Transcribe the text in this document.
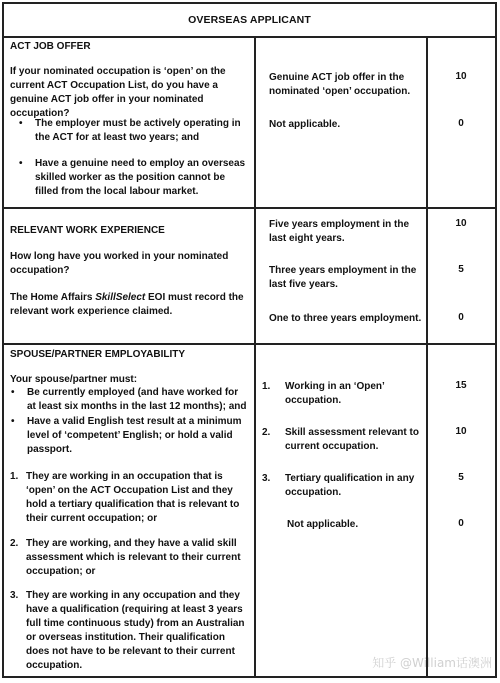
OVERSEAS APPLICANT
ACT JOB OFFER
If your nominated occupation is ‘open’ on the current ACT Occupation List, do you have a genuine ACT job offer in your nominated occupation?
• The employer must be actively operating in the ACT for at least two years; and
• Have a genuine need to employ an overseas skilled worker as the position cannot be filled from the local labour market.
Genuine ACT job offer in the nominated ‘open’ occupation.
10
Not applicable.	0
RELEVANT WORK EXPERIENCE
How long have you worked in your nominated occupation?
The Home Affairs SkillSelect EOI must record the relevant work experience claimed.
Five years employment in the last eight years.
10
Three years employment in the last five years.
5
One to three years employment.	0
SPOUSE/PARTNER EMPLOYABILITY
Your spouse/partner must:
• Be currently employed (and have worked for at least six months in the last 12 months); and
• Have a valid English test result at a minimum level of ‘competent’ English; or hold a valid passport.
1. They are working in an occupation that is ‘open’ on the ACT Occupation List and they hold a tertiary qualification that is relevant to their current occupation; or
2. They are working, and they have a valid skill assessment which is relevant to their current occupation; or
3. They are working in any occupation and they have a qualification (requiring at least 3 years full time continuous study) from an Australian or overseas institution. Their qualification does not have to be relevant to their current occupation.
1. Working in an ‘Open’ occupation.
15
2. Skill assessment relevant to current occupation.
10
3. Tertiary qualification in any occupation.
5
Not applicable.	0
知乎 @William话澳洲
